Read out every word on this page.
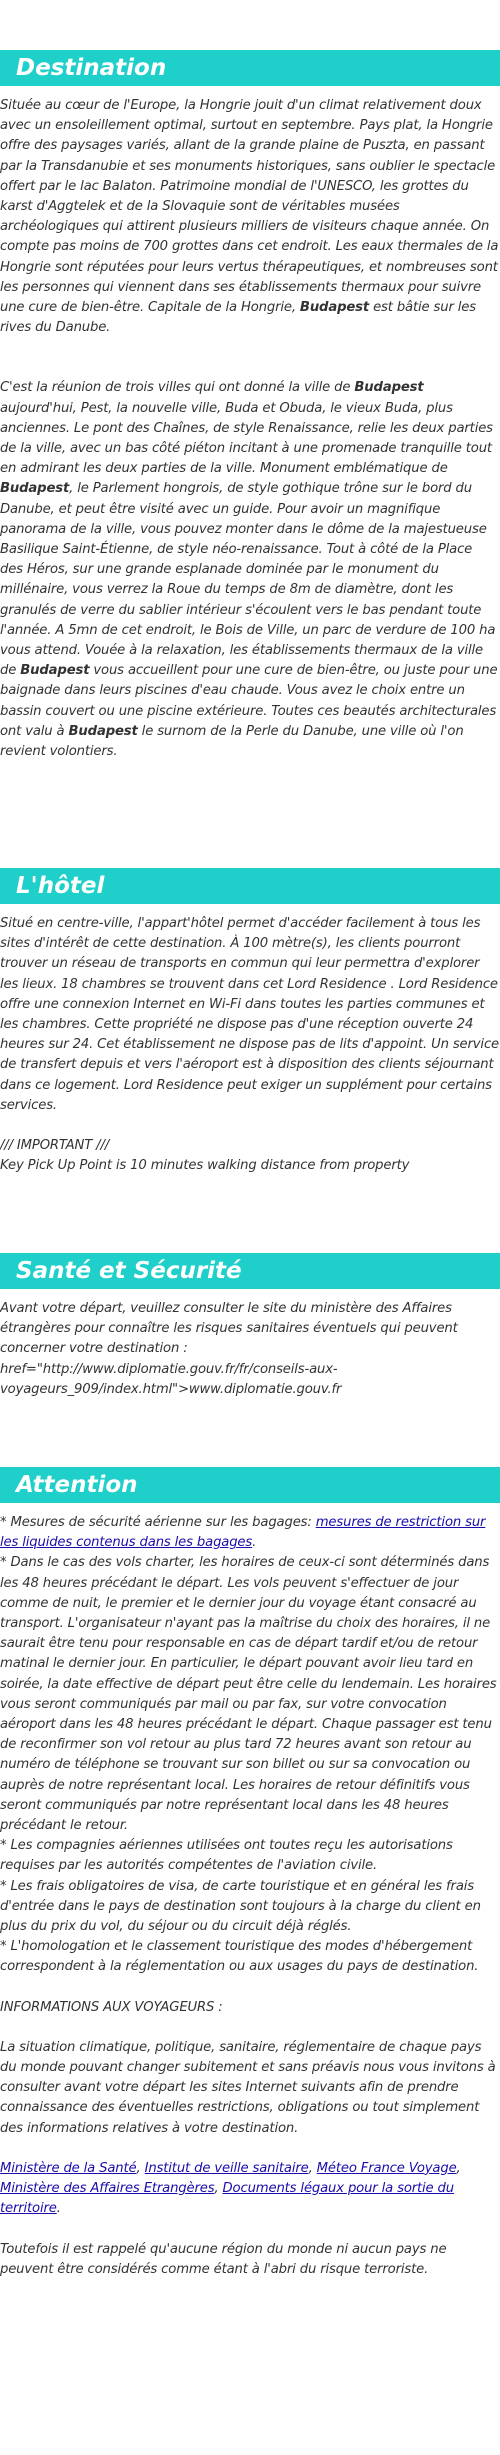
Destination

Située au cœur de l'Europe, la Hongrie jouit d'un climat relativement doux avec un ensoleillement optimal, surtout en septembre. Pays plat, la Hongrie offre des paysages variés, allant de la grande plaine de Puszta, en passant par la Transdanubie et ses monuments historiques, sans oublier le spectacle offert par le lac Balaton. Patrimoine mondial de l'UNESCO, les grottes du karst d'Aggtelek et de la Slovaquie sont de véritables musées archéologiques qui attirent plusieurs milliers de visiteurs chaque année. On compte pas moins de 700 grottes dans cet endroit. Les eaux thermales de la Hongrie sont réputées pour leurs vertus thérapeutiques, et nombreuses sont les personnes qui viennent dans ses établissements thermaux pour suivre une cure de bien-être. Capitale de la Hongrie, Budapest est bâtie sur les rives du Danube.

C'est la réunion de trois villes qui ont donné la ville de Budapest aujourd'hui, Pest, la nouvelle ville, Buda et Obuda, le vieux Buda, plus anciennes. Le pont des Chaînes, de style Renaissance, relie les deux parties de la ville, avec un bas côté piéton incitant à une promenade tranquille tout en admirant les deux parties de la ville. Monument emblématique de Budapest, le Parlement hongrois, de style gothique trône sur le bord du Danube, et peut être visité avec un guide. Pour avoir un magnifique panorama de la ville, vous pouvez monter dans le dôme de la majestueuse Basilique Saint-Étienne, de style néo-renaissance. Tout à côté de la Place des Héros, sur une grande esplanade dominée par le monument du millénaire, vous verrez la Roue du temps de 8m de diamètre, dont les granulés de verre du sablier intérieur s'écoulent vers le bas pendant toute l'année. A 5mn de cet endroit, le Bois de Ville, un parc de verdure de 100 ha vous attend. Vouée à la relaxation, les établissements thermaux de la ville de Budapest vous accueillent pour une cure de bien-être, ou juste pour une baignade dans leurs piscines d'eau chaude. Vous avez le choix entre un bassin couvert ou une piscine extérieure. Toutes ces beautés architecturales ont valu à Budapest le surnom de la Perle du Danube, une ville où l'on revient volontiers.

L'hôtel

Situé en centre-ville, l'appart'hôtel permet d'accéder facilement à tous les sites d'intérêt de cette destination. À 100 mètre(s), les clients pourront trouver un réseau de transports en commun qui leur permettra d'explorer les lieux. 18 chambres se trouvent dans cet Lord Residence . Lord Residence offre une connexion Internet en Wi-Fi dans toutes les parties communes et les chambres. Cette propriété ne dispose pas d'une réception ouverte 24 heures sur 24. Cet établissement ne dispose pas de lits d'appoint. Un service de transfert depuis et vers l'aéroport est à disposition des clients séjournant dans ce logement. Lord Residence peut exiger un supplément pour certains services.

/// IMPORTANT ///

Key Pick Up Point is 10 minutes walking distance from property

Santé et Sécurité

Avant votre départ, veuillez consulter le site du ministère des Affaires étrangères pour connaître les risques sanitaires éventuels qui peuvent concerner votre destination : href="http://www.diplomatie.gouv.fr/fr/conseils-aux-voyageurs_909/index.html">www.diplomatie.gouv.fr

Attention

* Mesures de sécurité aérienne sur les bagages: mesures de restriction sur les liquides contenus dans les bagages.

* Dans le cas des vols charter, les horaires de ceux-ci sont déterminés dans les 48 heures précédant le départ. Les vols peuvent s'effectuer de jour comme de nuit, le premier et le dernier jour du voyage étant consacré au transport. L'organisateur n'ayant pas la maîtrise du choix des horaires, il ne saurait être tenu pour responsable en cas de départ tardif et/ou de retour matinal le dernier jour. En particulier, le départ pouvant avoir lieu tard en soirée, la date effective de départ peut être celle du lendemain. Les horaires vous seront communiqués par mail ou par fax, sur votre convocation aéroport dans les 48 heures précédant le départ. Chaque passager est tenu de reconfirmer son vol retour au plus tard 72 heures avant son retour au numéro de téléphone se trouvant sur son billet ou sur sa convocation ou auprès de notre représentant local. Les horaires de retour définitifs vous seront communiqués par notre représentant local dans les 48 heures précédant le retour.

* Les compagnies aériennes utilisées ont toutes reçu les autorisations requises par les autorités compétentes de l'aviation civile.

* Les frais obligatoires de visa, de carte touristique et en général les frais d'entrée dans le pays de destination sont toujours à la charge du client en plus du prix du vol, du séjour ou du circuit déjà réglés.

* L'homologation et le classement touristique des modes d'hébergement correspondent à la réglementation ou aux usages du pays de destination.

INFORMATIONS AUX VOYAGEURS :

La situation climatique, politique, sanitaire, réglementaire de chaque pays du monde pouvant changer subitement et sans préavis nous vous invitons à consulter avant votre départ les sites Internet suivants afin de prendre connaissance des éventuelles restrictions, obligations ou tout simplement des informations relatives à votre destination.

Ministère de la Santé, Institut de veille sanitaire, Méteo France Voyage, Ministère des Affaires Etrangères, Documents légaux pour la sortie du territoire.

Toutefois il est rappelé qu'aucune région du monde ni aucun pays ne peuvent être considérés comme étant à l'abri du risque terroriste.
